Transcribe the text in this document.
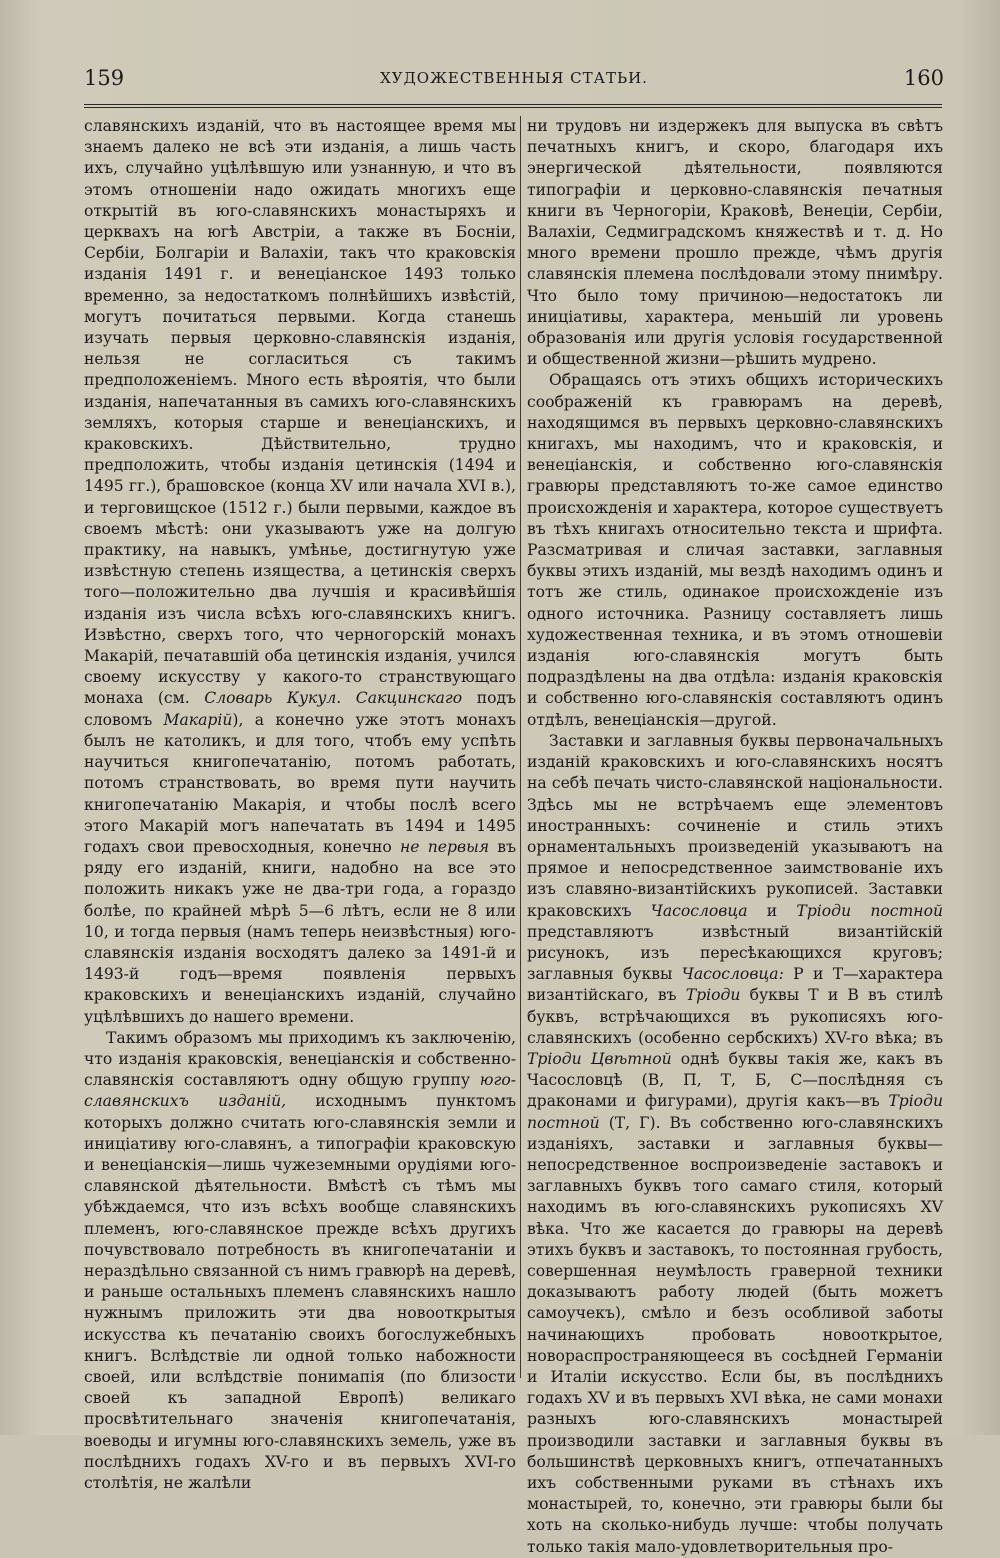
159	ХУДОЖЕСТВЕННЫЯ СТАТЬИ.	160

славянскихъ изданій, что въ настоящее время мы знаемъ далеко не всѣ эти изданія, а лишь часть ихъ, случайно уцѣлѣвшую или узнанную, и что въ этомъ отношеніи надо ожидать многихъ еще открытій въ юго-славянскихъ монастыряхъ и церквахъ на югѣ Австріи, а также въ Босніи, Сербіи, Болгаріи и Валахіи, такъ что краковскія изданія 1491 г. и венеціанское 1493 только временно, за недостаткомъ полнѣйшихъ извѣстій, могутъ почитаться первыми. Когда станешь изучать первыя церковно-славянскія изданія, нельзя не согласиться съ такимъ предположеніемъ. Много есть вѣроятія, что были изданія, напечатанныя въ самихъ юго-славянскихъ земляхъ, которыя старше и венеціанскихъ, и краковскихъ. Дѣйствительно, трудно предположить, чтобы изданія цетинскія (1494 и 1495 гг.), брашовское (конца XV или начала XVI в.), и терговищское (1512 г.) были первыми, каждое въ своемъ мѣстѣ: они указываютъ уже на долгую практику, на навыкъ, умѣнье, достигнутую уже извѣстную степень изящества, а цетинскія сверхъ того—положительно два лучшія и красивѣйшія изданія изъ числа всѣхъ юго-славянскихъ книгъ. Извѣстно, сверхъ того, что черногорскій монахъ Макарій, печатавшій оба цетинскія изданія, учился своему искусству у какого-то странствующаго монаха (см. Словарь Кукул. Сакцинскаго подъ словомъ Макарій), а конечно уже этотъ монахъ былъ не католикъ, и для того, чтобъ ему успѣть научиться книгопечатанію, потомъ работать, потомъ странствовать, во время пути научить книгопечатанію Макарія, и чтобы послѣ всего этого Макарій могъ напечатать въ 1494 и 1495 годахъ свои превосходныя, конечно не первыя въ ряду его изданій, книги, надобно на все это положить никакъ уже не два-три года, а гораздо болѣе, по крайней мѣрѣ 5—6 лѣтъ, если не 8 или 10, и тогда первыя (намъ теперь неизвѣстныя) юго-славянскія изданія восходятъ далеко за 1491-й и 1493-й годъ—время появленія первыхъ краковскихъ и венеціанскихъ изданій, случайно уцѣлѣвшихъ до нашего времени.

Такимъ образомъ мы приходимъ къ заключенію, что изданія краковскія, венеціанскія и собственно-славянскія составляютъ одну общую группу юго-славянскихъ изданій, исходнымъ пунктомъ которыхъ должно считать юго-славянскія земли и иниціативу юго-славянъ, а типографіи краковскую и венеціанскія—лишь чужеземными орудіями юго-славянской дѣятельности. Вмѣстѣ съ тѣмъ мы убѣждаемся, что изъ всѣхъ вообще славянскихъ племенъ, юго-славянское прежде всѣхъ другихъ почувствовало потребность въ книгопечатаніи и нераздѣльно связанной съ нимъ гравюрѣ на деревѣ, и раньше остальныхъ племенъ славянскихъ нашло нужнымъ приложить эти два новооткрытыя искусства къ печатанію своихъ богослужебныхъ книгъ. Вслѣдствіе ли одной только набожности своей, или вслѣдствіе понимапія (по близости своей къ западной Европѣ) великаго просвѣтительнаго значенія книгопечатанія, воеводы и игумны юго-славянскихъ земель, уже въ послѣднихъ годахъ XV-го и въ первыхъ XVI-го столѣтія, не жалѣли

ни трудовъ ни издержекъ для выпуска въ свѣтъ печатныхъ книгъ, и скоро, благодаря ихъ энергической дѣятельности, появляются типографіи и церковно-славянскія печатныя книги въ Черногоріи, Краковѣ, Венеціи, Сербіи, Валахіи, Седмиградскомъ княжествѣ и т. д. Но много времени прошло прежде, чѣмъ другія славянскія племена послѣдовали этому пнимѣру. Что было тому причиною—недостатокъ ли иниціативы, характера, меньшій ли уровень образованія или другія условія государственной и общественной жизни—рѣшить мудрено.

Обращаясь отъ этихъ общихъ историческихъ соображеній къ гравюрамъ на деревѣ, находящимся въ первыхъ церковно-славянскихъ книгахъ, мы находимъ, что и краковскія, и венеціанскія, и собственно юго-славянскія гравюры представляютъ то-же самое единство происхожденія и характера, которое существуетъ въ тѣхъ книгахъ относительно текста и шрифта. Разсматривая и сличая заставки, заглавныя буквы этихъ изданій, мы вездѣ находимъ одинъ и тотъ же стиль, одинакое происхожденіе изъ одного источника. Разницу составляетъ лишь художественная техника, и въ этомъ отношевіи изданія юго-славянскія могутъ быть подраздѣлены на два отдѣла: изданія краковскія и собственно юго-славянскія составляютъ одинъ отдѣлъ, венеціанскія—другой.

Заставки и заглавныя буквы первоначальныхъ изданій краковскихъ и юго-славянскихъ носятъ на себѣ печать чисто-славянской національности. Здѣсь мы не встрѣчаемъ еще элементовъ иностранныхъ: сочиненіе и стиль этихъ орнаментальныхъ произведеній указываютъ на прямое и непосредственное заимствованіе ихъ изъ славяно-византійскихъ рукописей. Заставки краковскихъ Часословца и Тріоди постной представляютъ извѣстный византійскій рисунокъ, изъ пересѣкающихся круговъ; заглавныя буквы Часословца: Р и Т—характера византійскаго, въ Тріоди буквы Т и В въ стилѣ буквъ, встрѣчающихся въ рукописяхъ юго-славянскихъ (особенно сербскихъ) XV-го вѣка; въ Тріоди Цвѣтной однѣ буквы такія же, какъ въ Часословцѣ (В, П, Т, Б, С—послѣдняя съ драконами и фигурами), другія какъ—въ Тріоди постной (Т, Г). Въ собственно юго-славянскихъ изданіяхъ, заставки и заглавныя буквы—непосредственное воспроизведеніе заставокъ и заглавныхъ буквъ того самаго стиля, который находимъ въ юго-славянскихъ рукописяхъ XV вѣка. Что же касается до гравюры на деревѣ этихъ буквъ и заставокъ, то постоянная грубость, совершенная неумѣлость граверной техники доказываютъ работу людей (быть можетъ самоучекъ), смѣло и безъ особливой заботы начинающихъ пробовать новооткрытое, новораспространяющееся въ сосѣдней Германіи и Италіи искусство. Если бы, въ послѣднихъ годахъ XV и въ первыхъ XVI вѣка, не сами монахи разныхъ юго-славянскихъ монастырей производили заставки и заглавныя буквы въ большинствѣ церковныхъ книгъ, отпечатанныхъ ихъ собственными руками въ стѣнахъ ихъ монастырей, то, конечно, эти гравюры были бы хоть на сколько-нибудь лучше: чтобы получать только такія мало-удовлетворительныя про-
